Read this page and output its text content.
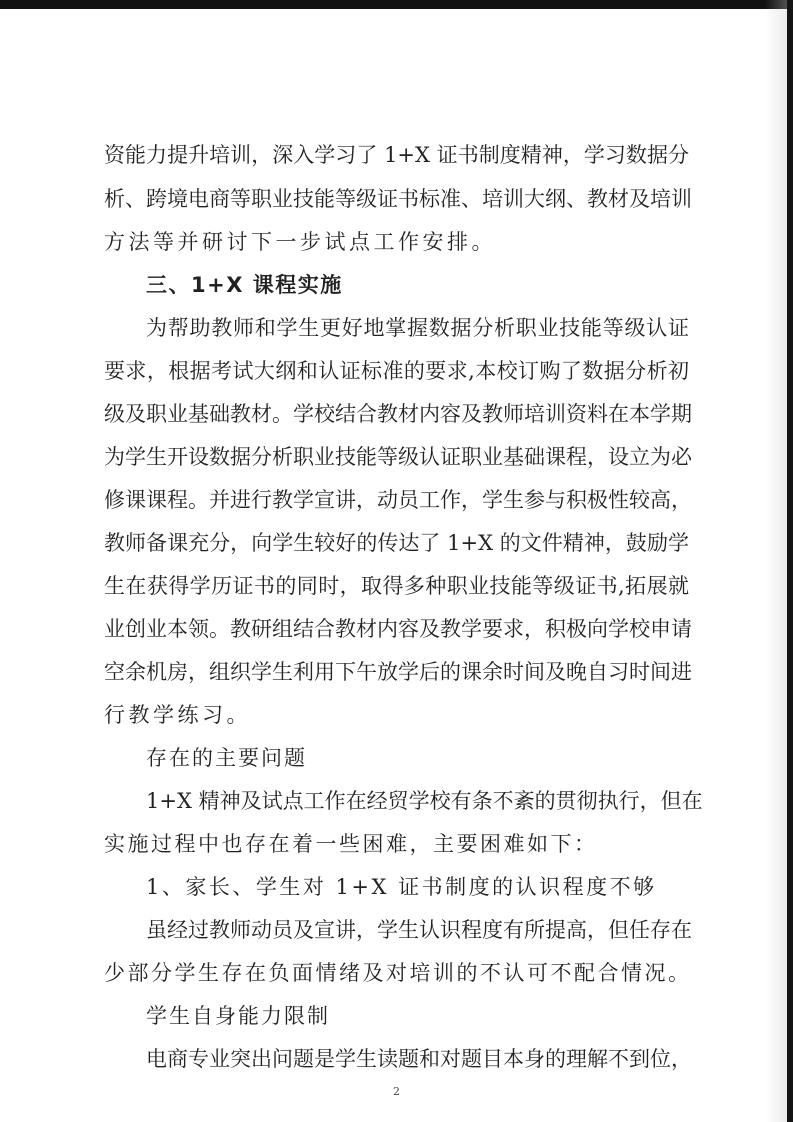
资能力提升培训，深入学习了 1+X 证书制度精神，学习数据分
析、跨境电商等职业技能等级证书标准、培训大纲、教材及培训
方法等并研讨下一步试点工作安排。
三、1+X 课程实施
为帮助教师和学生更好地掌握数据分析职业技能等级认证
要求，根据考试大纲和认证标准的要求,本校订购了数据分析初
级及职业基础教材。学校结合教材内容及教师培训资料在本学期
为学生开设数据分析职业技能等级认证职业基础课程，设立为必
修课课程。并进行教学宣讲，动员工作，学生参与积极性较高，
教师备课充分，向学生较好的传达了 1+X 的文件精神，鼓励学
生在获得学历证书的同时，取得多种职业技能等级证书,拓展就
业创业本领。教研组结合教材内容及教学要求，积极向学校申请
空余机房，组织学生利用下午放学后的课余时间及晚自习时间进
行教学练习。
存在的主要问题
1+X 精神及试点工作在经贸学校有条不紊的贯彻执行，但在
实施过程中也存在着一些困难，主要困难如下：
1、家长、学生对 1+X 证书制度的认识程度不够
虽经过教师动员及宣讲，学生认识程度有所提高，但任存在
少部分学生存在负面情绪及对培训的不认可不配合情况。
学生自身能力限制
电商专业突出问题是学生读题和对题目本身的理解不到位，
2
